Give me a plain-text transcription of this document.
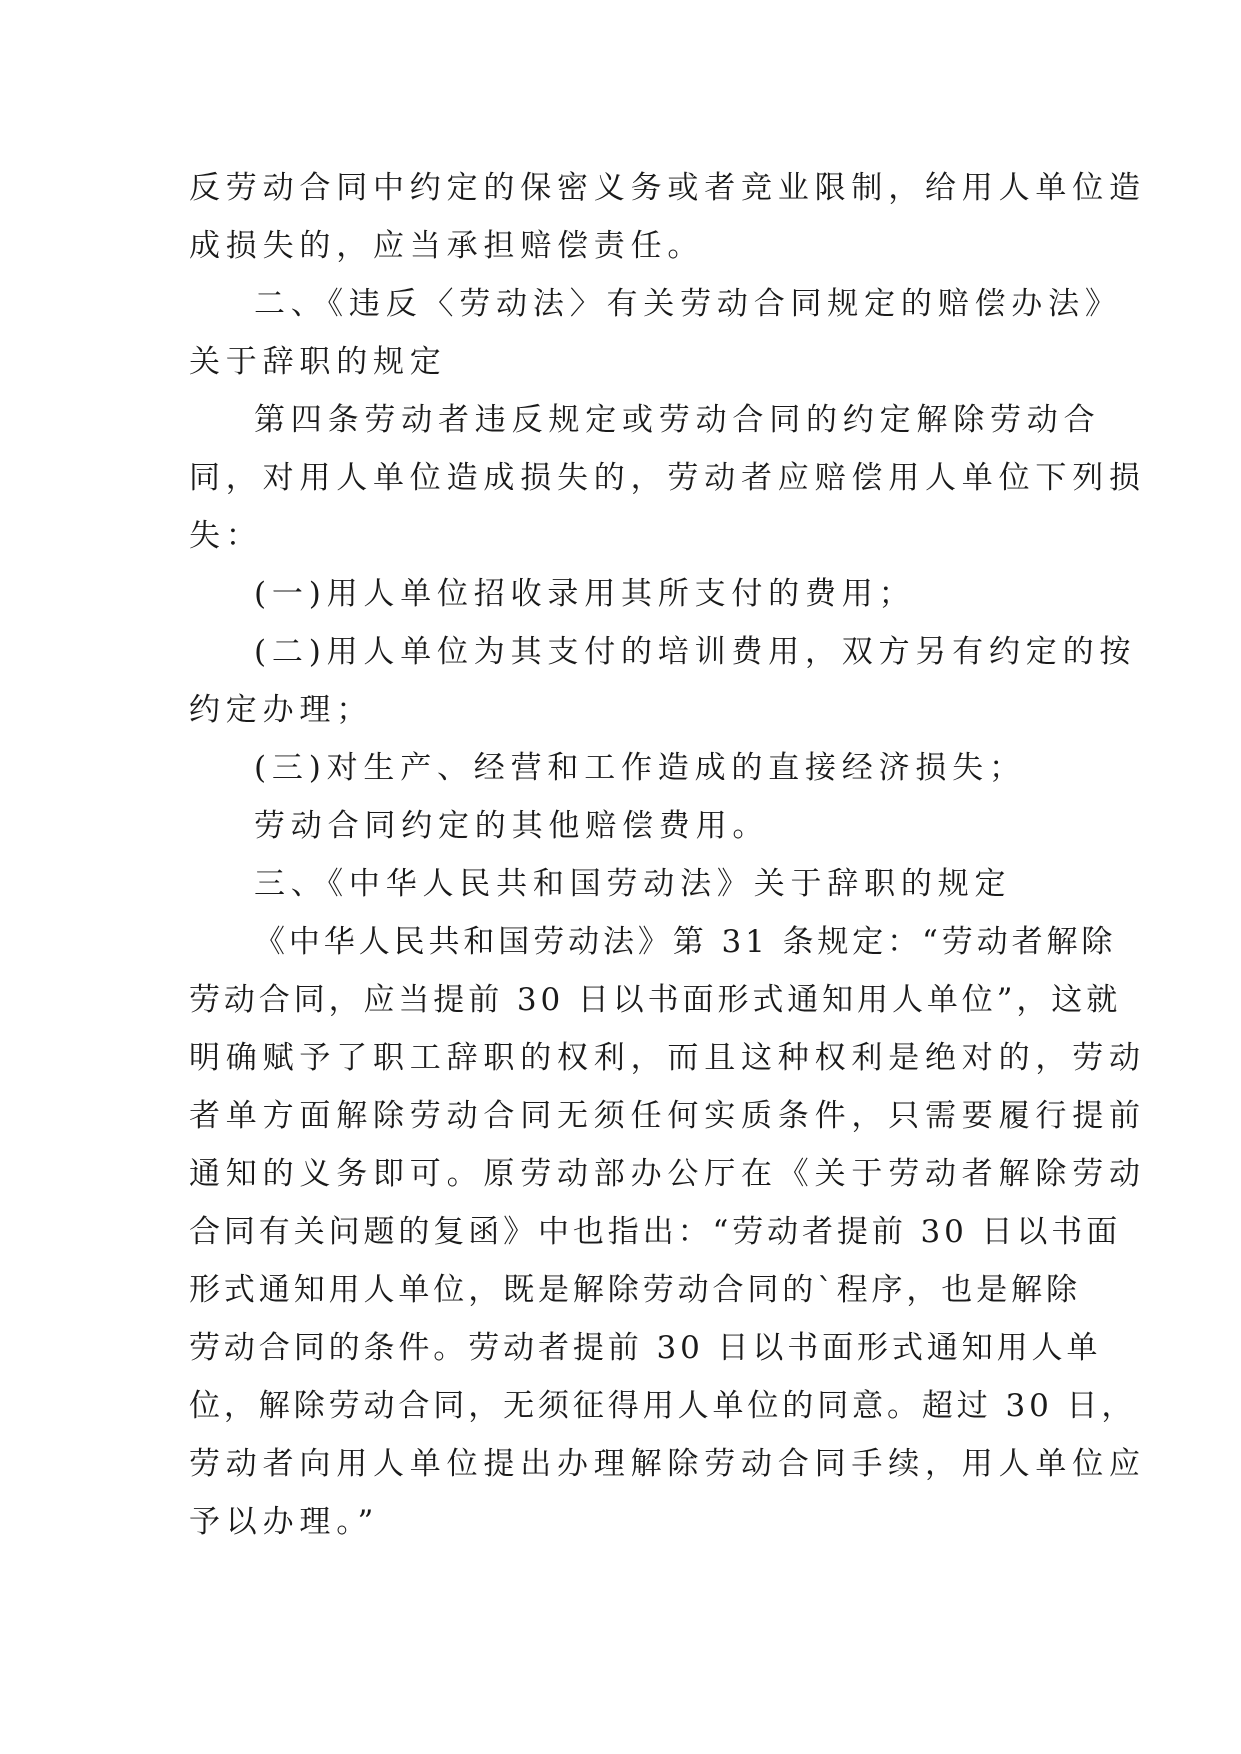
反劳动合同中约定的保密义务或者竞业限制，给用人单位造

成损失的，应当承担赔偿责任。

二、《违反〈劳动法〉有关劳动合同规定的赔偿办法》

关于辞职的规定

第四条劳动者违反规定或劳动合同的约定解除劳动合

同，对用人单位造成损失的，劳动者应赔偿用人单位下列损

失：

(一)用人单位招收录用其所支付的费用；

(二)用人单位为其支付的培训费用，双方另有约定的按

约定办理；

(三)对生产、经营和工作造成的直接经济损失；

劳动合同约定的其他赔偿费用。

三、《中华人民共和国劳动法》关于辞职的规定

《中华人民共和国劳动法》第 31 条规定：“劳动者解除

劳动合同，应当提前 30 日以书面形式通知用人单位”，这就

明确赋予了职工辞职的权利，而且这种权利是绝对的，劳动

者单方面解除劳动合同无须任何实质条件，只需要履行提前

通知的义务即可。原劳动部办公厅在《关于劳动者解除劳动

合同有关问题的复函》中也指出：“劳动者提前 30 日以书面

形式通知用人单位，既是解除劳动合同的`程序，也是解除

劳动合同的条件。劳动者提前 30 日以书面形式通知用人单

位，解除劳动合同，无须征得用人单位的同意。超过 30 日，

劳动者向用人单位提出办理解除劳动合同手续，用人单位应

予以办理。”
